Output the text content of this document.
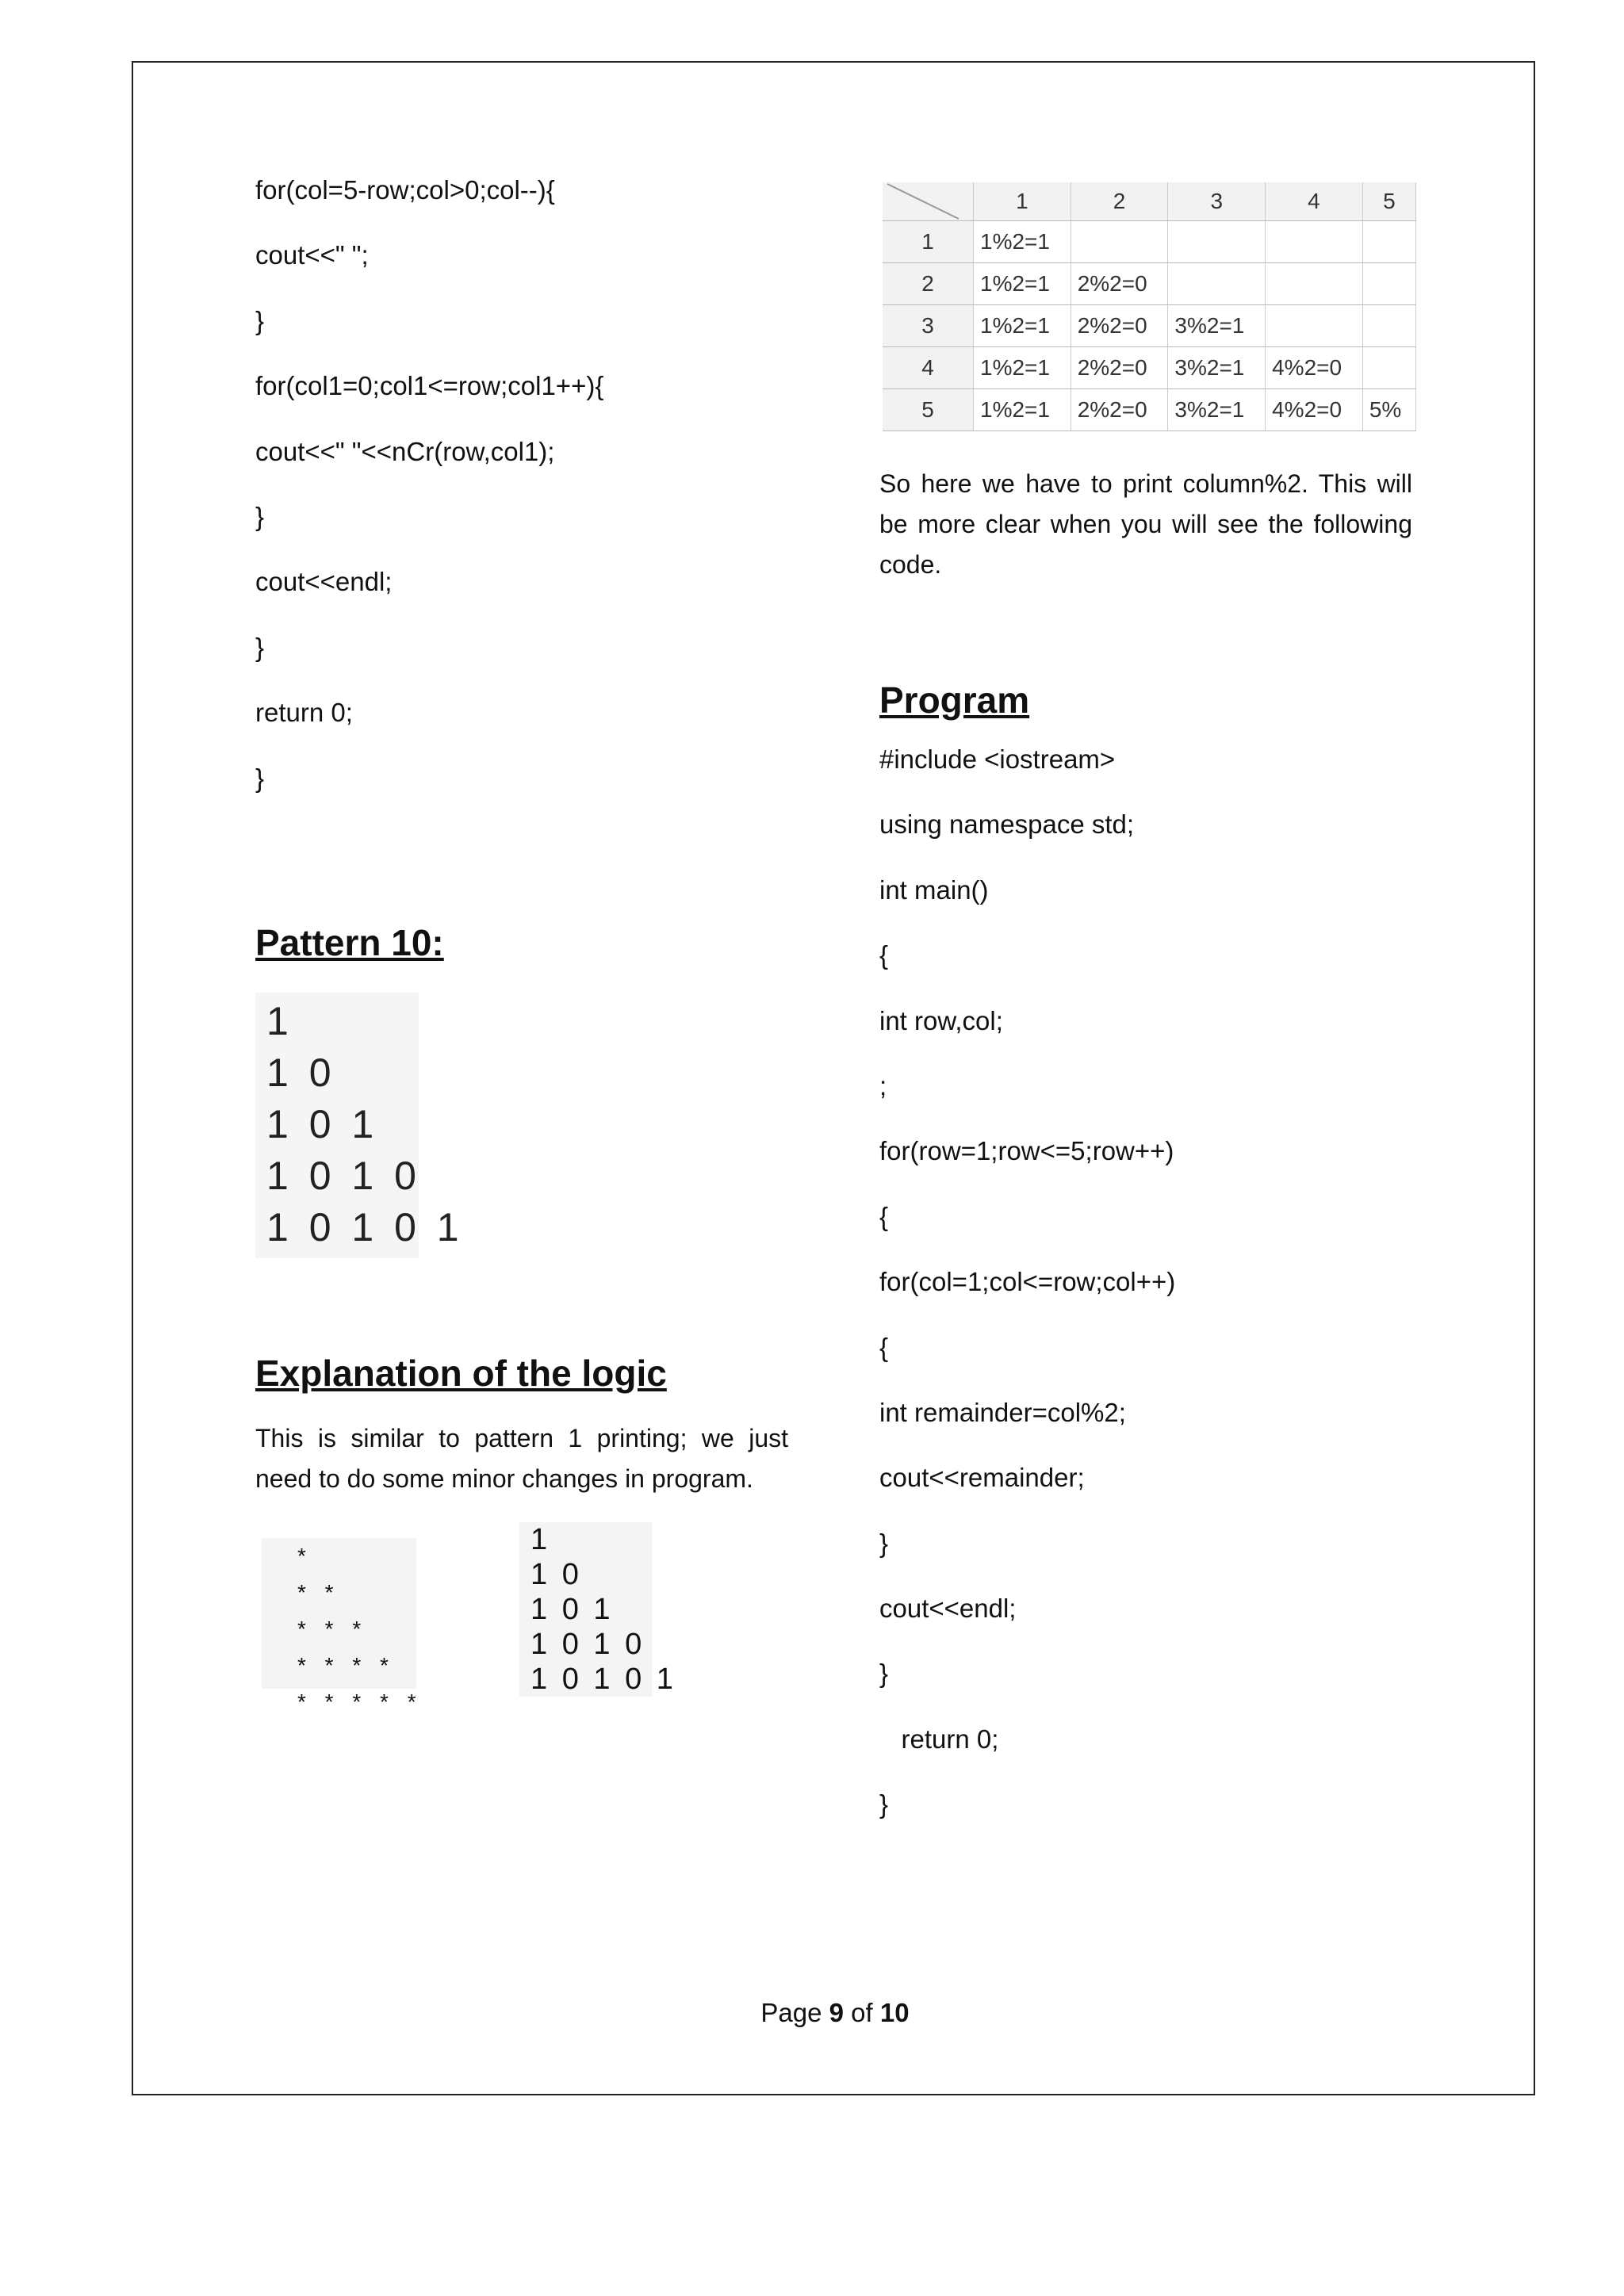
for(col=5-row;col>0;col--){

cout<<" ";

}

for(col1=0;col1<=row;col1++){

cout<<" "<<nCr(row,col1);

}

cout<<endl;

}

return 0;

}

Pattern 10:

1

1 0

1 0 1

1 0 1 0

1 0 1 0 1

Explanation of the logic

This is similar to pattern 1 printing; we just need to do some minor changes in program.

*

* *

* * *

* * * *

* * * * *

1

1 0

1 0 1

1 0 1 0

1 0 1 0 1

	1	2	3	4	5
1	1%2=1				
2	1%2=1	2%2=0			
3	1%2=1	2%2=0	3%2=1		
4	1%2=1	2%2=0	3%2=1	4%2=0	
5	1%2=1	2%2=0	3%2=1	4%2=0	5%

So here we have to print column%2. This will be more clear when you will see the following code.

Program

#include <iostream>

using namespace std;

int main()

{

int row,col;

;

for(row=1;row<=5;row++)

{

for(col=1;col<=row;col++)

{

int remainder=col%2;

cout<<remainder;

}

cout<<endl;

}

return 0;

}

Page 9 of 10
